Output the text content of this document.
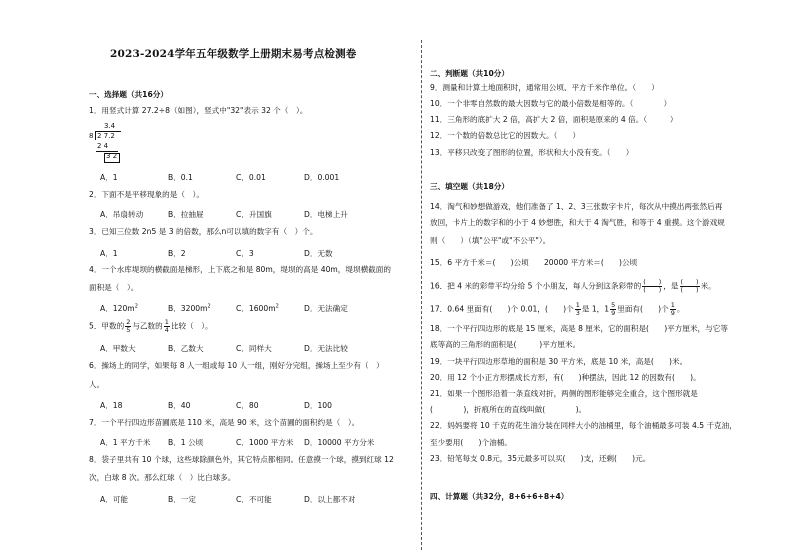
2023-2024学年五年级数学上册期末易考点检测卷
一、选择题（共16分）
1．用竖式计算 27.2÷8（如图），竖式中"32"表示 32 个（　）。
3.4
8 2 7.2
2 4
3 2
A．1	B．0.1	C．0.01	D．0.001
2．下面不是平移现象的是（　）。
A．吊扇转动	B．拉抽屉	C．升国旗	D．电梯上升
3．已知三位数 2n5 是 3 的倍数，那么n可以填的数字有（　）个。
A．1	B．2	C．3	D．无数
4．一个水库堤坝的横截面是梯形，上下底之和是 80m，堤坝的高是 40m，堤坝横截面的
面积是（　）。
A．$120m^2$	B．$3200m^2$	C．$1600m^2$	D．无法确定
5．甲数的 $\frac{2}{5}$ 与乙数的 $\frac{1}{4}$ 比较（　）。
A．甲数大	B．乙数大	C．同样大	D．无法比较
6．操场上的同学，如果每 8 人一组或每 10 人一组，刚好分完组，操场上至少有（　）
人。
A．18	B．40	C．80	D．100
7．一个平行四边形苗圃底是 110 米，高是 90 米，这个苗圃的面积约是（　）。
A．1 平方千米 B．1 公顷	C．1000 平方米 D．10000 平方分米
8．袋子里共有 10 个球，这些球除颜色外，其它特点都相同。任意摸一个球，摸到红球 12
次，白球 8 次。那么红球（　）比白球多。
A．可能	B．一定	C．不可能	D．以上都不对
二、判断题（共10分）
9．测量和计算土地面积时，通常用公顷、平方千米作单位。（　　）
10．一个非零自然数的最大因数与它的最小倍数是相等的。（　　　　）
11．三角形的底扩大 2 倍，高扩大 2 倍，面积是原来的 4 倍。（　　　）
12．一个数的倍数总比它的因数大。（　　）
13．平移只改变了图形的位置，形状和大小没有变。（　　）
三、填空题（共18分）
14．淘气和妙想做游戏，他们准备了 1、2、3三张数字卡片，每次从中摸出两张然后再
放回，卡片上的数字和的小于 4 妙想胜，和大于 4 淘气胜，和等于 4 重摸。这个游戏规
则（　　）（填"公平"或"不公平"）。
15．6 平方千米＝(　　)公顷　　20000 平方米＝(　　)公顷
16．把 4 米的彩带平均分给 5 个小朋友，每人分到这条彩带的 $\frac{( )}{( )}$ ，是 $\frac{( )}{( )}$ 米。
17．0.64 里面有(　　)个 0.01，(　　)个 $\frac{1}{3}$ 是 1，$1 \frac{5}{9}$ 里面有(　　)个 $\frac{1}{9}$ 。
18．一个平行四边形的底是 15 厘米，高是 8 厘米，它的面积是(　　)平方厘米，与它等
底等高的三角形的面积是(　　　)平方厘米。
19．一块平行四边形草地的面积是 30 平方米，底是 10 米，高是(　　)米。
20．用 12 个小正方形摆成长方形，有(　　)种摆法，因此 12 的因数有(　　)。
21．如果一个图形沿着一条直线对折，两侧的图形能够完全重合，这个图形就是
(　　　　)，折痕所在的直线叫做(　　　　)。
22．妈妈要将 10 千克的花生油分装在同样大小的油桶里，每个油桶最多可装 4.5 千克油，
至少要用(　　)个油桶。
23．铅笔每支 0.8元，35元最多可以买(　　)支，还剩(　　)元。
四、计算题（共32分，8+6+6+8+4）
